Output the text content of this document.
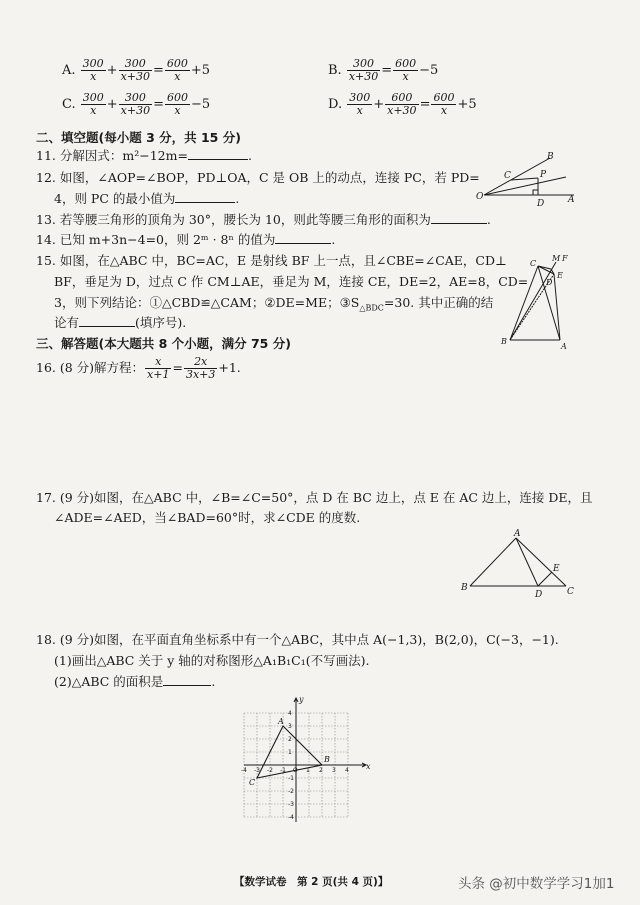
A. $\frac{300}{x} + \frac{300}{x+30} = \frac{600}{x} +5$	B. $\frac{300}{x+30} = \frac{600}{x} -5$
C. $\frac{300}{x} + \frac{300}{x+30} = \frac{600}{x} -5$	D. $\frac{300}{x} + \frac{600}{x+30} = \frac{600}{x} +5$
二、填空题(每小题 3 分，共 15 分)
11. 分解因式：m²−12m=	.
12. 如图，∠AOP=∠BOP，PD⊥OA，C 是 OB 上的动点，连接 PC，若 PD=
4，则 PC 的最小值为	.
B
C	P
O
D	A
13. 若等腰三角形的顶角为 30°，腰长为 10，则此等腰三角形的面积为	.
14. 已知 m+3n−4=0，则 2ᵐ · 8ⁿ 的值为	.
15. 如图，在△ABC 中，BC=AC，E 是射线 BF 上一点，且∠CBE=∠CAE，CD⊥
BF，垂足为 D，过点 C 作 CM⊥AE，垂足为 M，连接 CE，DE=2，AE=8，CD=
3，则下列结论：①△CBD≌△CAM；②DE=ME；$③S_{\triangle BDC}=30$. 其中正确的结
论有	(填序号).
C
M F
E
D
B
A
三、解答题(本大题共 8 个小题，满分 75 分)
16. (8 分)解方程： $\frac{x}{x+1} = \frac{2x}{3x+3} +1$.
17. (9 分)如图，在△ABC 中，∠B=∠C=50°，点 D 在 BC 边上，点 E 在 AC 边上，连接 DE，且
∠ADE=∠AED，当∠BAD=60°时，求∠CDE 的度数.
A
B
D
E
C
18. (9 分)如图，在平面直角坐标系中有一个△ABC，其中点 A(−1,3)，B(2,0)，C(−3，−1).
(1)画出△ABC 关于 y 轴的对称图形△A₁B₁C₁(不写画法).
(2)△ABC 的面积是	.
-4 -3 -2 -1 O 1 2 3 4
4
3
2
1
-1
-2
-3
-4
A
B
C
x
y
【数学试卷　第 2 页(共 4 页)】	头条 @初中数学学习1加1
